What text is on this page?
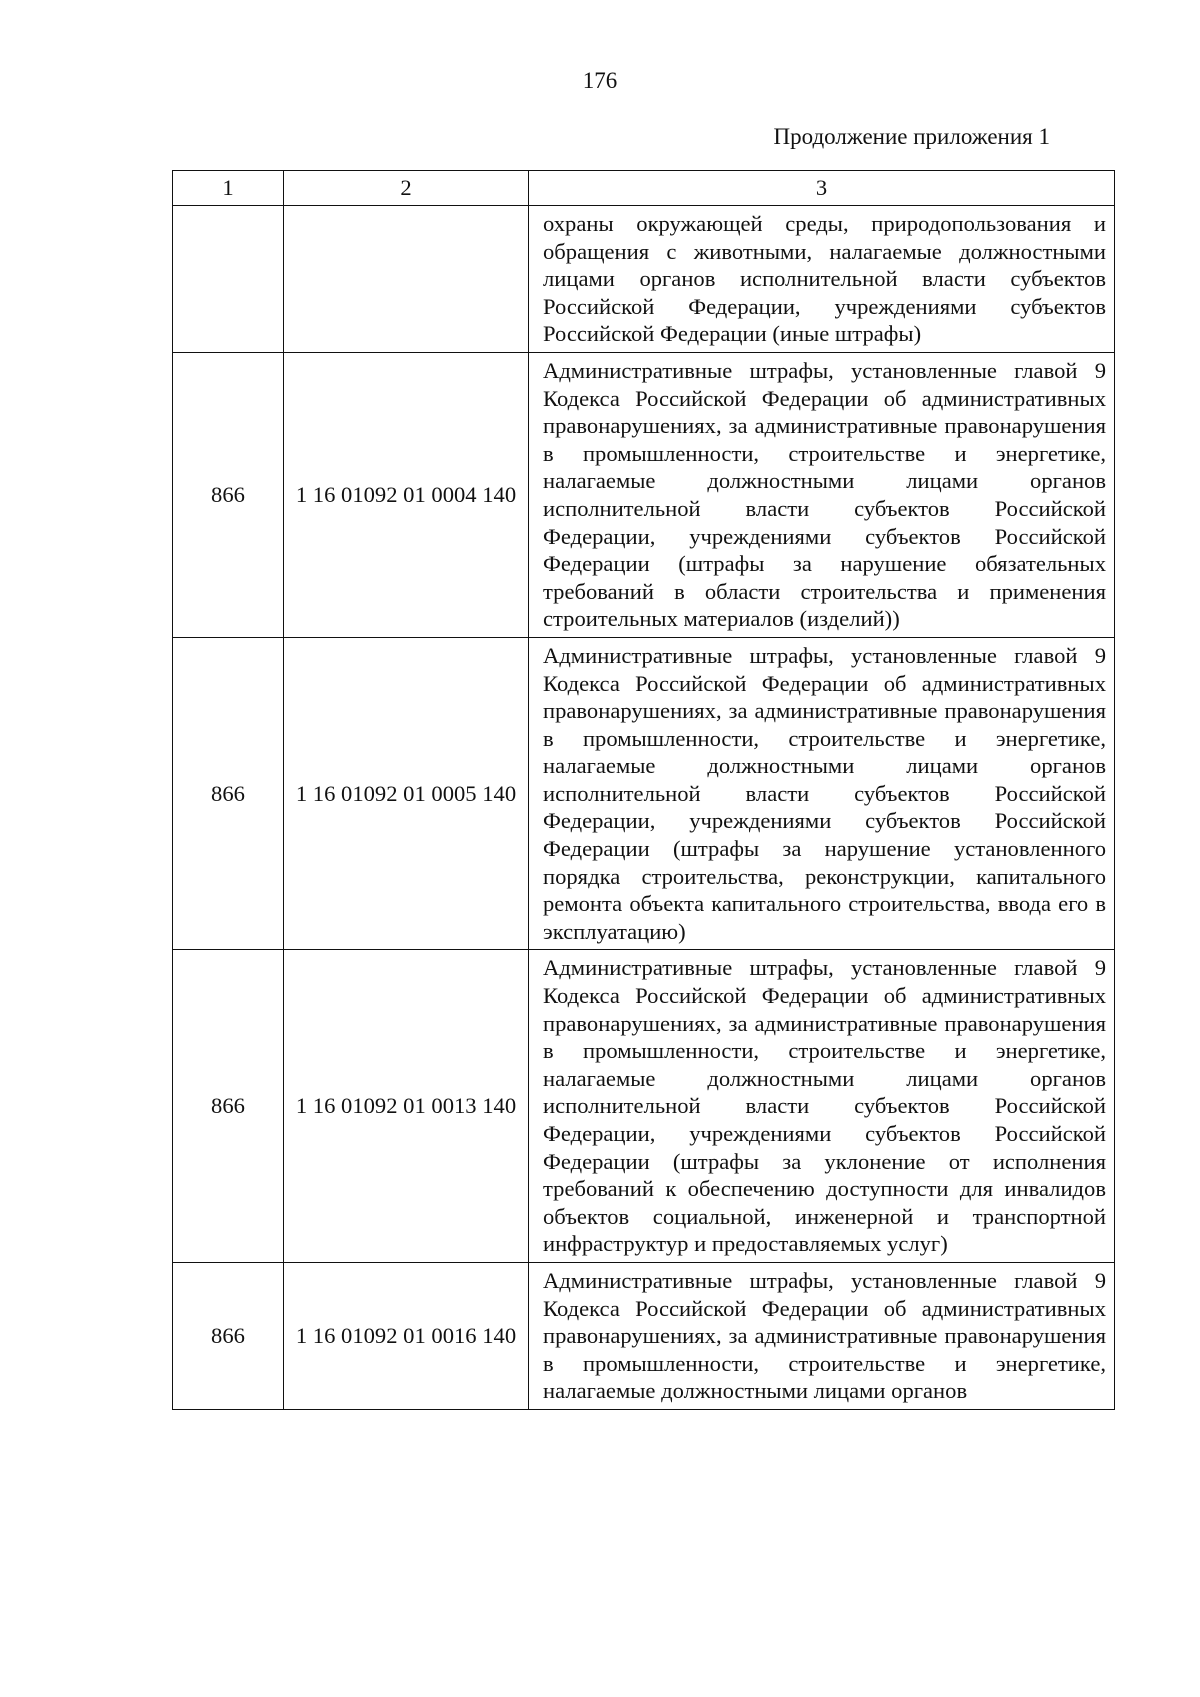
176
Продолжение приложения 1
1	2	3
		охраны окружающей среды, природопользования и обращения с животными, налагаемые должностными лицами органов исполнительной власти субъектов Российской Федерации, учреждениями субъектов Российской Федерации (иные штрафы)
866	1 16 01092 01 0004 140	Административные штрафы, установленные главой 9 Кодекса Российской Федерации об административных правонарушениях, за административные правонарушения в промышленности, строительстве и энергетике, налагаемые должностными лицами органов исполнительной власти субъектов Российской Федерации, учреждениями субъектов Российской Федерации (штрафы за нарушение обязательных требований в области строительства и применения строительных материалов (изделий))
866	1 16 01092 01 0005 140	Административные штрафы, установленные главой 9 Кодекса Российской Федерации об административных правонарушениях, за административные правонарушения в промышленности, строительстве и энергетике, налагаемые должностными лицами органов исполнительной власти субъектов Российской Федерации, учреждениями субъектов Российской Федерации (штрафы за нарушение установленного порядка строительства, реконструкции, капитального ремонта объекта капитального строительства, ввода его в эксплуатацию)
866	1 16 01092 01 0013 140	Административные штрафы, установленные главой 9 Кодекса Российской Федерации об административных правонарушениях, за административные правонарушения в промышленности, строительстве и энергетике, налагаемые должностными лицами органов исполнительной власти субъектов Российской Федерации, учреждениями субъектов Российской Федерации (штрафы за уклонение от исполнения требований к обеспечению доступности для инвалидов объектов социальной, инженерной и транспортной инфраструктур и предоставляемых услуг)
866	1 16 01092 01 0016 140	Административные штрафы, установленные главой 9 Кодекса Российской Федерации об административных правонарушениях, за административные правонарушения в промышленности, строительстве и энергетике, налагаемые должностными лицами органов
